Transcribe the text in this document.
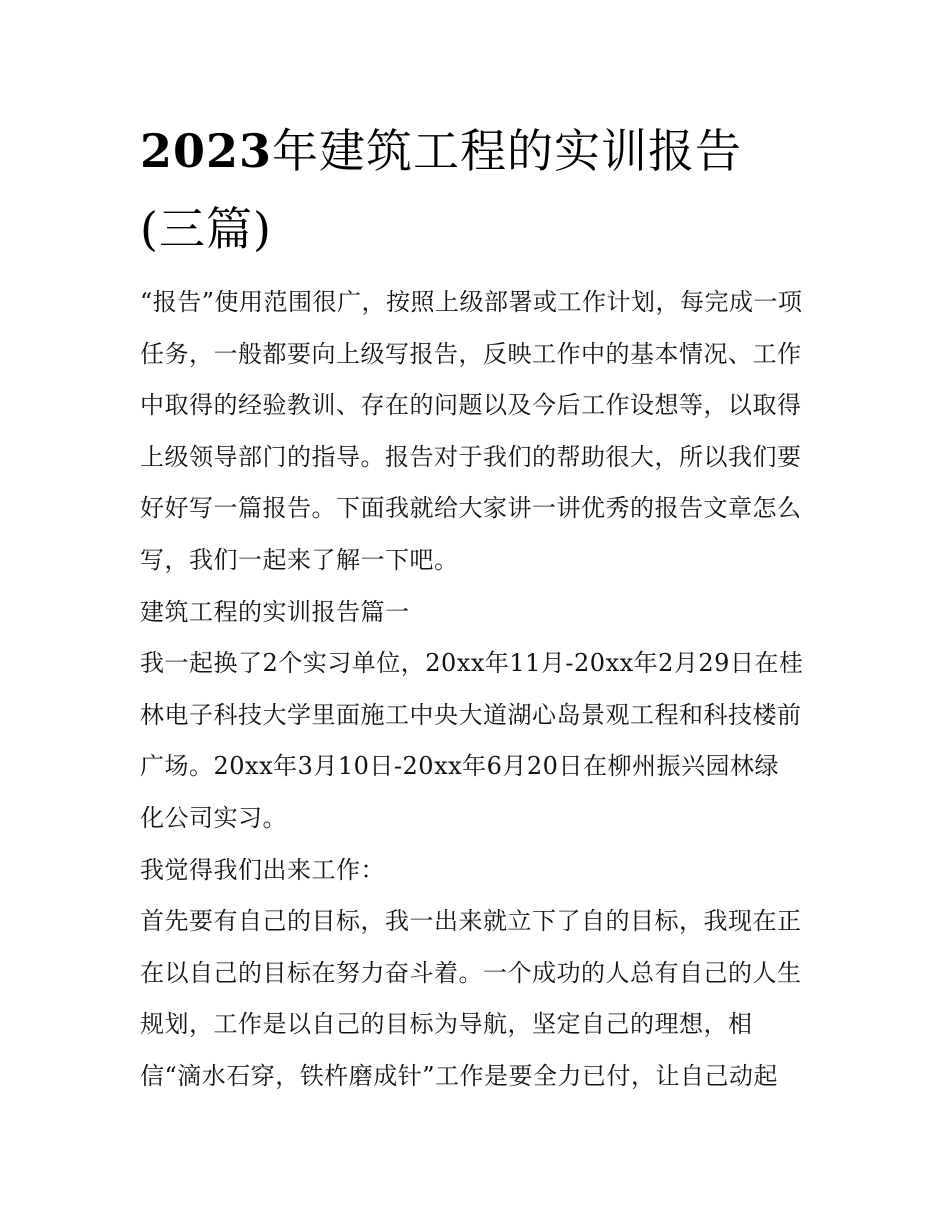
2023年建筑工程的实训报告
(三篇)
“报告”使用范围很广，按照上级部署或工作计划，每完成一项
任务，一般都要向上级写报告，反映工作中的基本情况、工作
中取得的经验教训、存在的问题以及今后工作设想等，以取得
上级领导部门的指导。报告对于我们的帮助很大，所以我们要
好好写一篇报告。下面我就给大家讲一讲优秀的报告文章怎么
写，我们一起来了解一下吧。
建筑工程的实训报告篇一
我一起换了2个实习单位，20xx年11月-20xx年2月29日在桂
林电子科技大学里面施工中央大道湖心岛景观工程和科技楼前
广场。20xx年3月10日-20xx年6月20日在柳州振兴园林绿
化公司实习。
我觉得我们出来工作：
首先要有自己的目标，我一出来就立下了自的目标，我现在正
在以自己的目标在努力奋斗着。一个成功的人总有自己的人生
规划，工作是以自己的目标为导航，坚定自己的理想，相
信“滴水石穿，铁杵磨成针”工作是要全力已付，让自己动起
